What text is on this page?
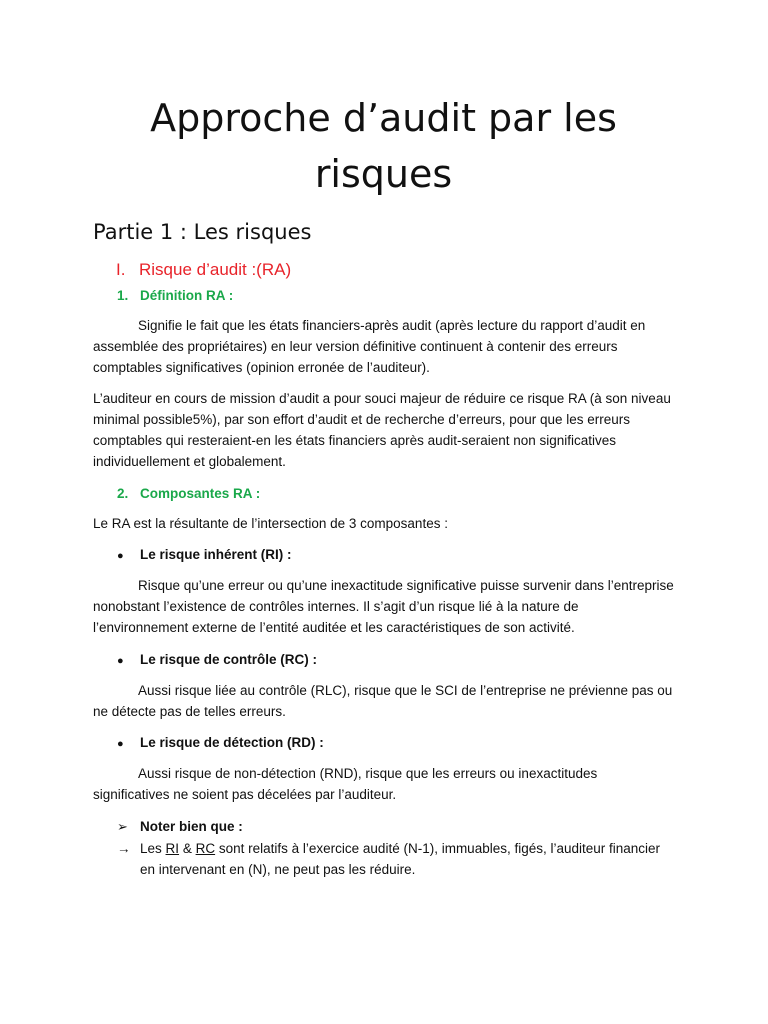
Approche d’audit par les
risques
Partie 1 : Les risques
I. Risque d’audit :(RA)
1. Définition RA :

Signifie le fait que les états financiers-après audit (après lecture du rapport d’audit en assemblée des propriétaires) en leur version définitive continuent à contenir des erreurs comptables significatives (opinion erronée de l’auditeur).

L’auditeur en cours de mission d’audit a pour souci majeur de réduire ce risque RA (à son niveau minimal possible5%), par son effort d’audit et de recherche d’erreurs, pour que les erreurs comptables qui resteraient-en les états financiers après audit-seraient non significatives individuellement et globalement.

2. Composantes RA :

Le RA est la résultante de l’intersection de 3 composantes :

●	Le risque inhérent (RI) :

Risque qu’une erreur ou qu’une inexactitude significative puisse survenir dans l’entreprise nonobstant l’existence de contrôles internes. Il s’agit d’un risque lié à la nature de l’environnement externe de l’entité auditée et les caractéristiques de son activité.

●	Le risque de contrôle (RC) :

Aussi risque liée au contrôle (RLC), risque que le SCI de l’entreprise ne prévienne pas ou ne détecte pas de telles erreurs.

●	Le risque de détection (RD) :

Aussi risque de non-détection (RND), risque que les erreurs ou inexactitudes significatives ne soient pas décelées par l’auditeur.

➢ Noter bien que :
→ Les RI & RC sont relatifs à l’exercice audité (N-1), immuables, figés, l’auditeur financier en intervenant en (N), ne peut pas les réduire.
